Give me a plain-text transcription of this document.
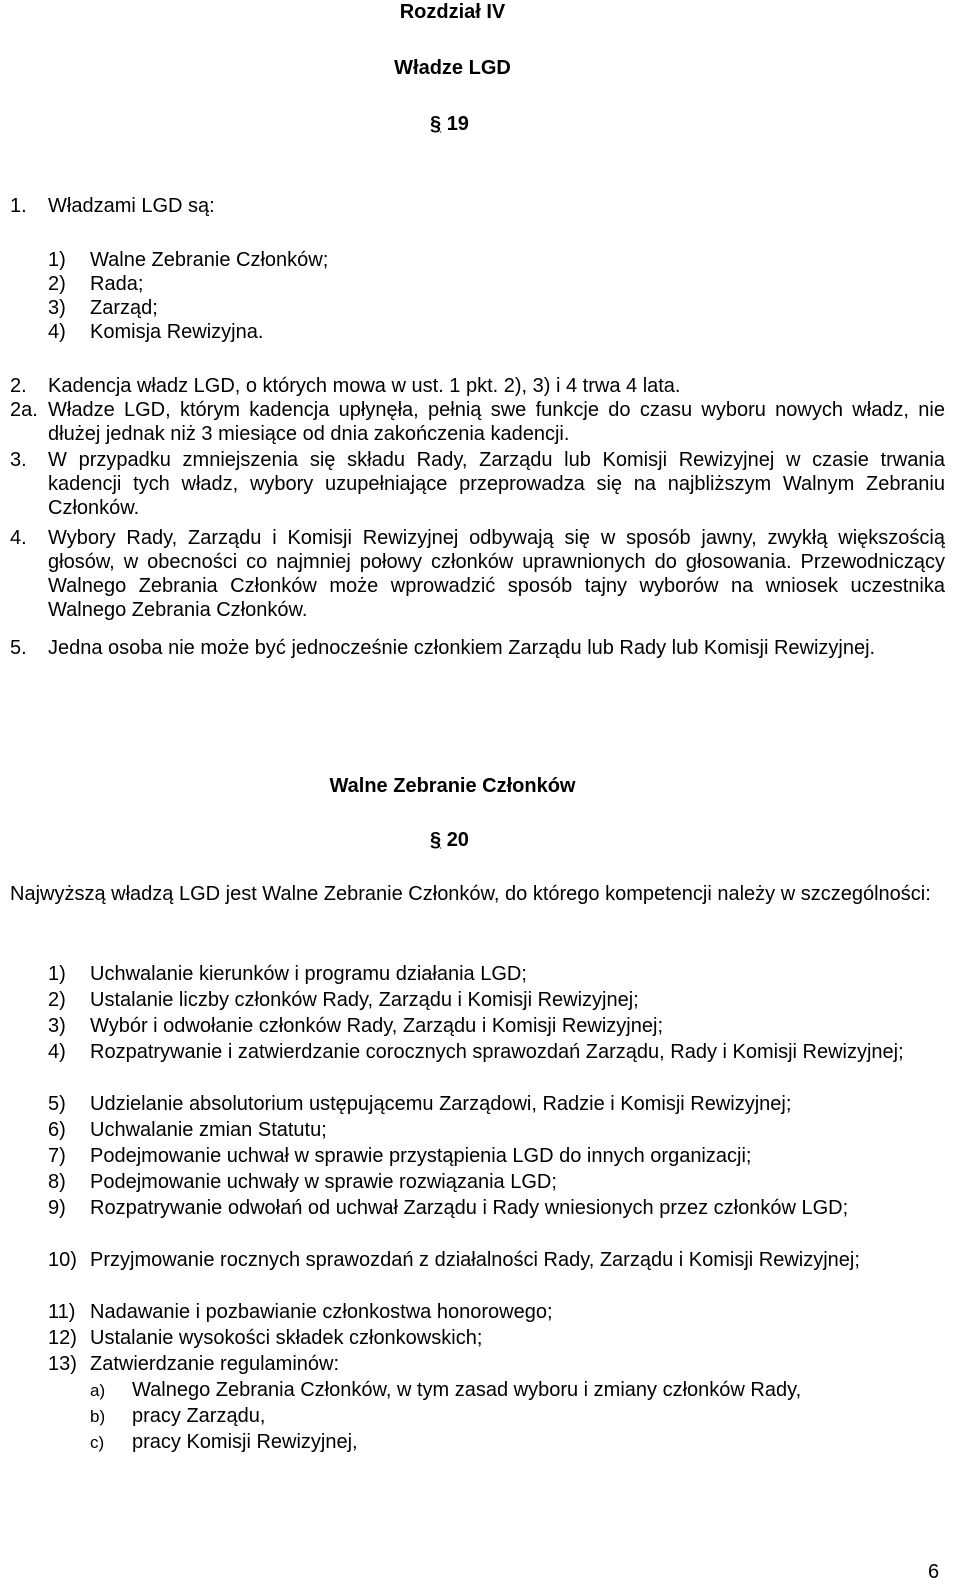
Rozdział IV
Władze LGD
§ 19
1. Władzami LGD są:
1) Walne Zebranie Członków;
2) Rada;
3) Zarząd;
4) Komisja Rewizyjna.
2. Kadencja władz LGD, o których mowa w ust. 1 pkt. 2), 3) i 4 trwa 4 lata.
2a. Władze LGD, którym kadencja upłynęła, pełnią swe funkcje do czasu wyboru nowych władz, nie dłużej jednak niż 3 miesiące od dnia zakończenia kadencji.
3. W przypadku zmniejszenia się składu Rady, Zarządu lub Komisji Rewizyjnej w czasie trwania kadencji tych władz, wybory uzupełniające przeprowadza się na najbliższym Walnym Zebraniu Członków.
4. Wybory Rady, Zarządu i Komisji Rewizyjnej odbywają się w sposób jawny, zwykłą większością głosów, w obecności co najmniej połowy członków uprawnionych do głosowania. Przewodniczący Walnego Zebrania Członków może wprowadzić sposób tajny wyborów na wniosek uczestnika Walnego Zebrania Członków.
5. Jedna osoba nie może być jednocześnie członkiem Zarządu lub Rady lub Komisji Rewizyjnej.
Walne Zebranie Członków
§ 20
Najwyższą władzą LGD jest Walne Zebranie Członków, do którego kompetencji należy w szczególności:
1) Uchwalanie kierunków i programu działania LGD;
2) Ustalanie liczby członków Rady, Zarządu i Komisji Rewizyjnej;
3) Wybór i odwołanie członków Rady, Zarządu i Komisji Rewizyjnej;
4) Rozpatrywanie i zatwierdzanie corocznych sprawozdań Zarządu, Rady i Komisji Rewizyjnej;
5) Udzielanie absolutorium ustępującemu Zarządowi, Radzie i Komisji Rewizyjnej;
6) Uchwalanie zmian Statutu;
7) Podejmowanie uchwał w sprawie przystąpienia LGD do innych organizacji;
8) Podejmowanie uchwały w sprawie rozwiązania LGD;
9) Rozpatrywanie odwołań od uchwał Zarządu i Rady wniesionych przez członków LGD;
10) Przyjmowanie rocznych sprawozdań z działalności Rady, Zarządu i Komisji Rewizyjnej;
11) Nadawanie i pozbawianie członkostwa honorowego;
12) Ustalanie wysokości składek członkowskich;
13) Zatwierdzanie regulaminów:
a) Walnego Zebrania Członków, w tym zasad wyboru i zmiany członków Rady,
b) pracy Zarządu,
c) pracy Komisji Rewizyjnej,
6
